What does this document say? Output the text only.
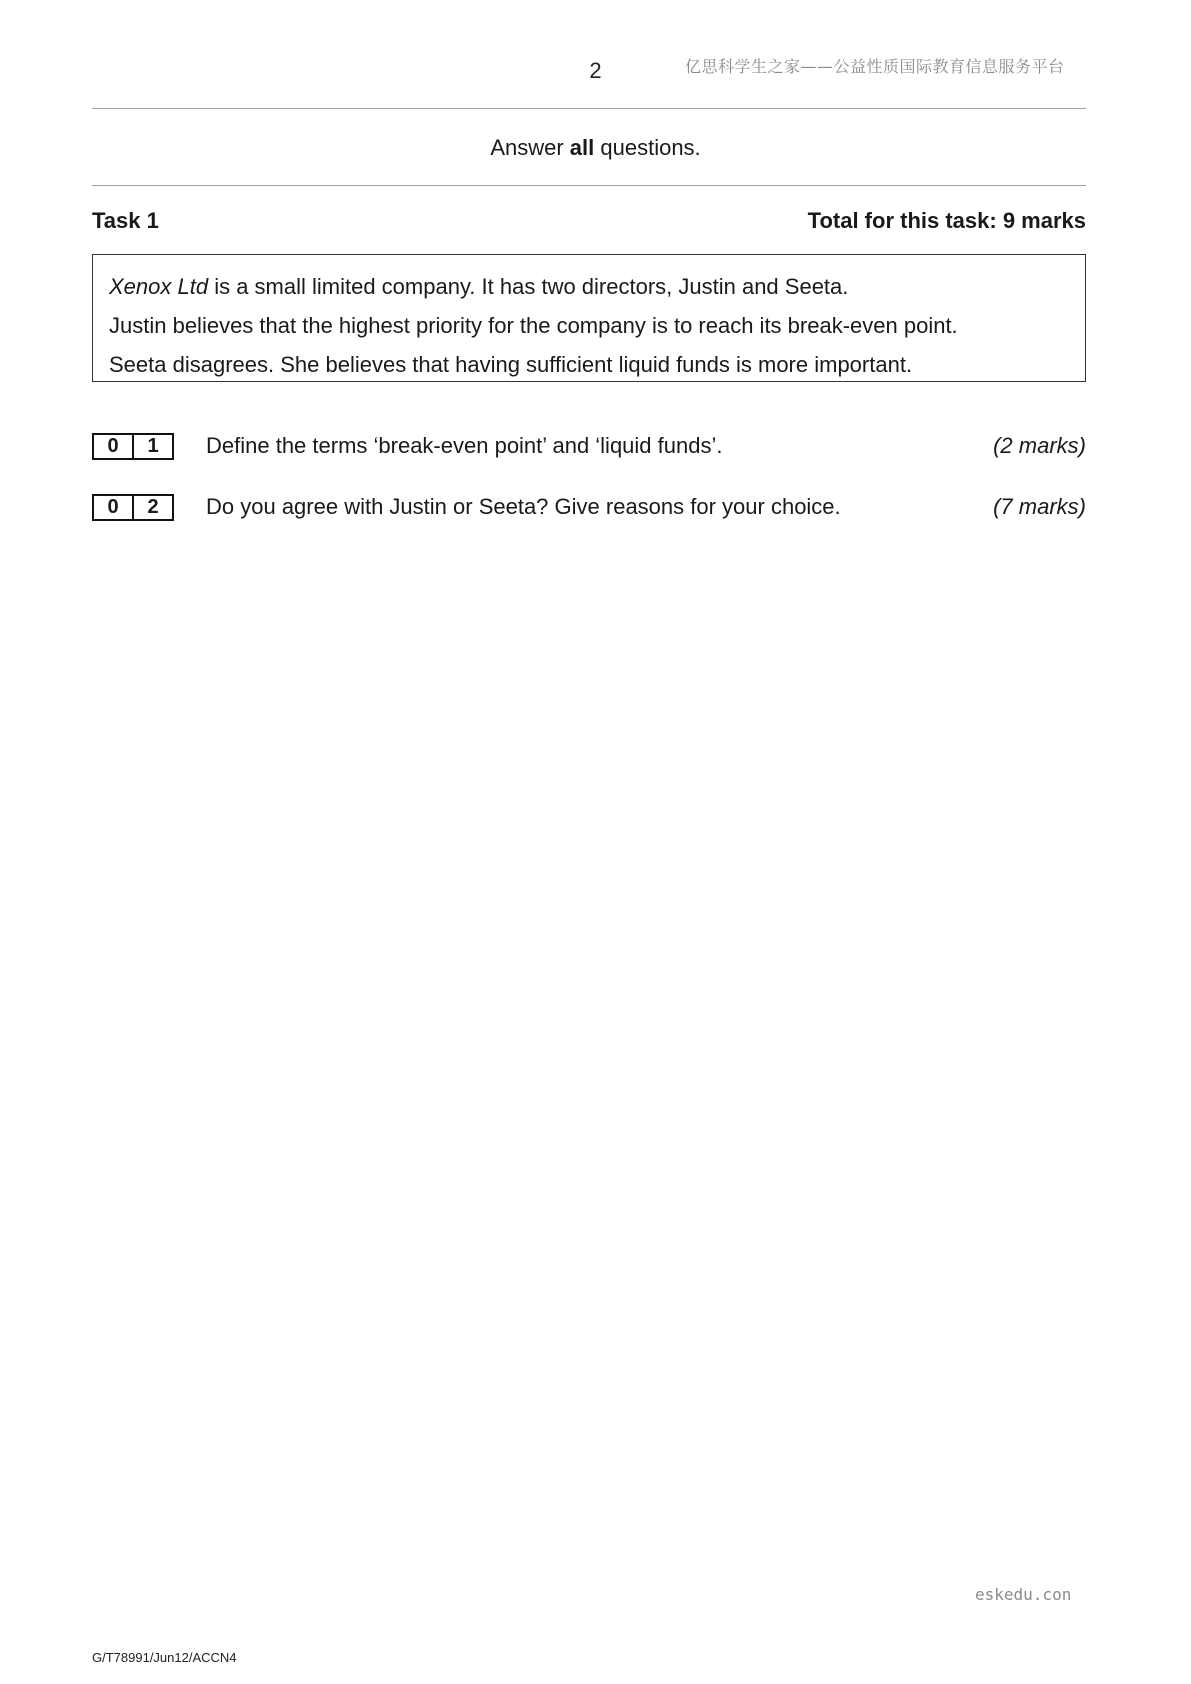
2	亿思科学生之家——公益性质国际教育信息服务平台
Answer all questions.
Task 1	Total for this task: 9 marks

Xenox Ltd is a small limited company. It has two directors, Justin and Seeta.

Justin believes that the highest priority for the company is to reach its break-even point.

Seeta disagrees. She believes that having sufficient liquid funds is more important.

0	1	Define the terms ‘break-even point’ and ‘liquid funds’.	(2 marks)
0	2	Do you agree with Justin or Seeta? Give reasons for your choice.	(7 marks)
eskedu.con
G/T78991/Jun12/ACCN4
